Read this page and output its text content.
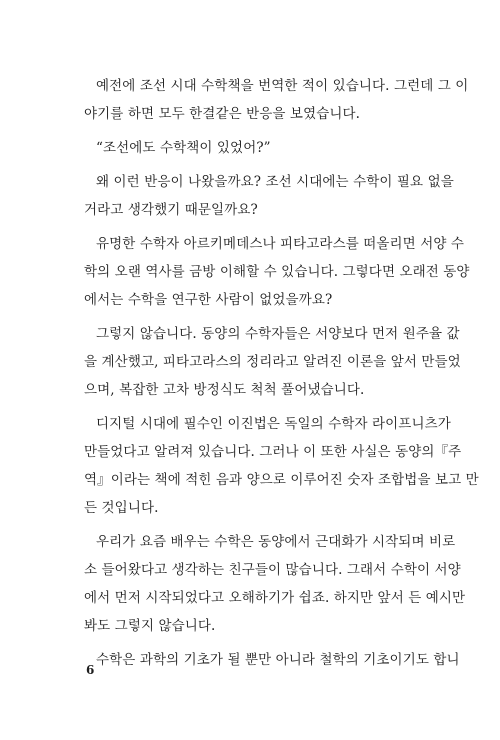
예전에 조선 시대 수학책을 번역한 적이 있습니다. 그런데 그 이
야기를 하면 모두 한결같은 반응을 보였습니다.
“조선에도 수학책이 있었어?”
왜 이런 반응이 나왔을까요? 조선 시대에는 수학이 필요 없을
거라고 생각했기 때문일까요?
유명한 수학자 아르키메데스나 피타고라스를 떠올리면 서양 수
학의 오랜 역사를 금방 이해할 수 있습니다. 그렇다면 오래전 동양
에서는 수학을 연구한 사람이 없었을까요?
그렇지 않습니다. 동양의 수학자들은 서양보다 먼저 원주율 값
을 계산했고, 피타고라스의 정리라고 알려진 이론을 앞서 만들었
으며, 복잡한 고차 방정식도 척척 풀어냈습니다.
디지털 시대에 필수인 이진법은 독일의 수학자 라이프니츠가
만들었다고 알려져 있습니다. 그러나 이 또한 사실은 동양의『주
역』이라는 책에 적힌 음과 양으로 이루어진 숫자 조합법을 보고 만
든 것입니다.
우리가 요즘 배우는 수학은 동양에서 근대화가 시작되며 비로
소 들어왔다고 생각하는 친구들이 많습니다. 그래서 수학이 서양
에서 먼저 시작되었다고 오해하기가 쉽죠. 하지만 앞서 든 예시만
봐도 그렇지 않습니다.
수학은 과학의 기초가 될 뿐만 아니라 철학의 기초이기도 합니
6
